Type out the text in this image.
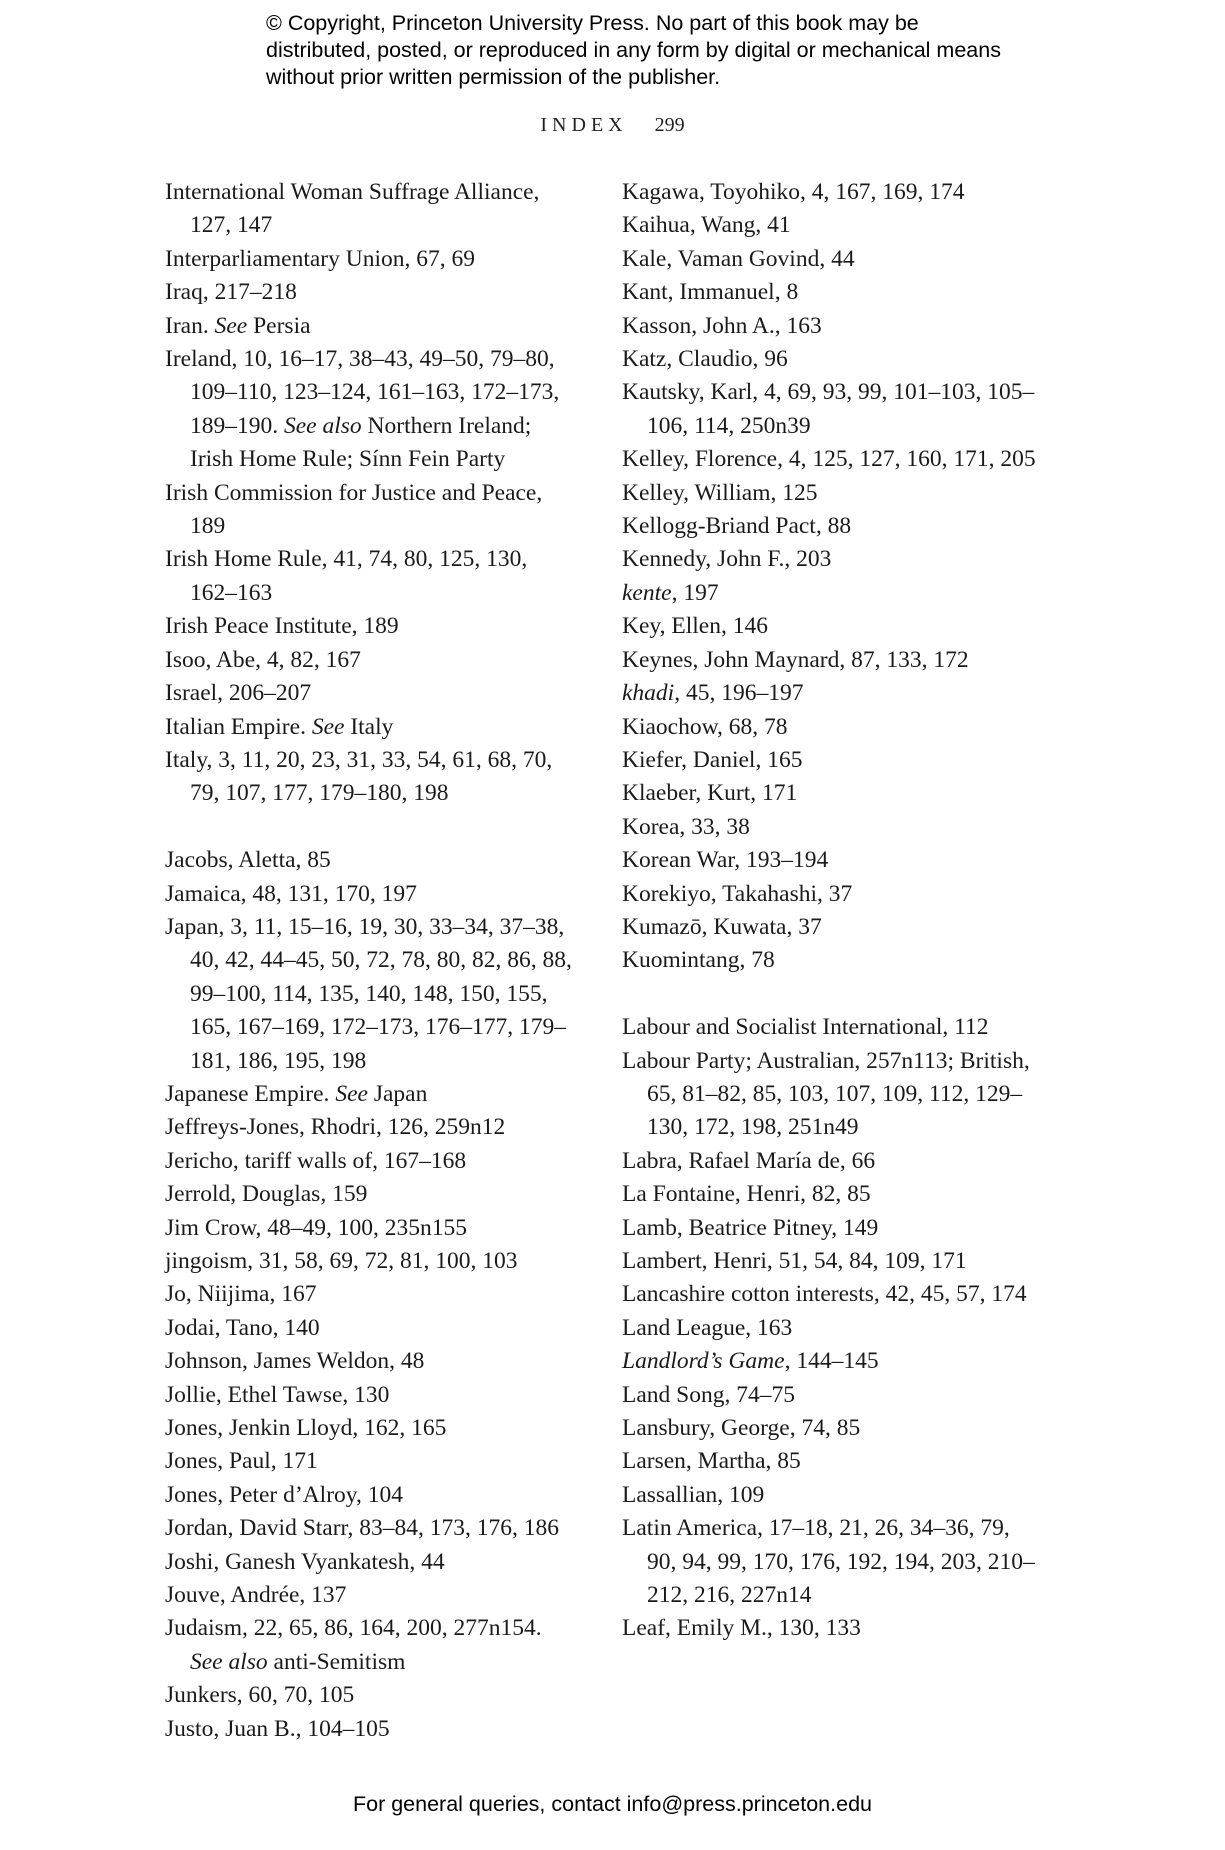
© Copyright, Princeton University Press. No part of this book may be distributed, posted, or reproduced in any form by digital or mechanical means without prior written permission of the publisher.
INDEX 299
International Woman Suffrage Alliance, 127, 147
Interparliamentary Union, 67, 69
Iraq, 217–218
Iran. See Persia
Ireland, 10, 16–17, 38–43, 49–50, 79–80, 109–110, 123–124, 161–163, 172–173, 189–190. See also Northern Ireland; Irish Home Rule; Sínn Fein Party
Irish Commission for Justice and Peace, 189
Irish Home Rule, 41, 74, 80, 125, 130, 162–163
Irish Peace Institute, 189
Isoo, Abe, 4, 82, 167
Israel, 206–207
Italian Empire. See Italy
Italy, 3, 11, 20, 23, 31, 33, 54, 61, 68, 70, 79, 107, 177, 179–180, 198
Jacobs, Aletta, 85
Jamaica, 48, 131, 170, 197
Japan, 3, 11, 15–16, 19, 30, 33–34, 37–38, 40, 42, 44–45, 50, 72, 78, 80, 82, 86, 88, 99–100, 114, 135, 140, 148, 150, 155, 165, 167–169, 172–173, 176–177, 179–181, 186, 195, 198
Japanese Empire. See Japan
Jeffreys-Jones, Rhodri, 126, 259n12
Jericho, tariff walls of, 167–168
Jerrold, Douglas, 159
Jim Crow, 48–49, 100, 235n155
jingoism, 31, 58, 69, 72, 81, 100, 103
Jo, Niijima, 167
Jodai, Tano, 140
Johnson, James Weldon, 48
Jollie, Ethel Tawse, 130
Jones, Jenkin Lloyd, 162, 165
Jones, Paul, 171
Jones, Peter d’Alroy, 104
Jordan, David Starr, 83–84, 173, 176, 186
Joshi, Ganesh Vyankatesh, 44
Jouve, Andrée, 137
Judaism, 22, 65, 86, 164, 200, 277n154. See also anti-Semitism
Junkers, 60, 70, 105
Justo, Juan B., 104–105
Kagawa, Toyohiko, 4, 167, 169, 174
Kaihua, Wang, 41
Kale, Vaman Govind, 44
Kant, Immanuel, 8
Kasson, John A., 163
Katz, Claudio, 96
Kautsky, Karl, 4, 69, 93, 99, 101–103, 105–106, 114, 250n39
Kelley, Florence, 4, 125, 127, 160, 171, 205
Kelley, William, 125
Kellogg-Briand Pact, 88
Kennedy, John F., 203
kente, 197
Key, Ellen, 146
Keynes, John Maynard, 87, 133, 172
khadi, 45, 196–197
Kiaochow, 68, 78
Kiefer, Daniel, 165
Klaeber, Kurt, 171
Korea, 33, 38
Korean War, 193–194
Korekiyo, Takahashi, 37
Kumazō, Kuwata, 37
Kuomintang, 78
Labour and Socialist International, 112
Labour Party; Australian, 257n113; British, 65, 81–82, 85, 103, 107, 109, 112, 129–130, 172, 198, 251n49
Labra, Rafael María de, 66
La Fontaine, Henri, 82, 85
Lamb, Beatrice Pitney, 149
Lambert, Henri, 51, 54, 84, 109, 171
Lancashire cotton interests, 42, 45, 57, 174
Land League, 163
Landlord’s Game, 144–145
Land Song, 74–75
Lansbury, George, 74, 85
Larsen, Martha, 85
Lassallian, 109
Latin America, 17–18, 21, 26, 34–36, 79, 90, 94, 99, 170, 176, 192, 194, 203, 210–212, 216, 227n14
Leaf, Emily M., 130, 133
For general queries, contact info@press.princeton.edu
